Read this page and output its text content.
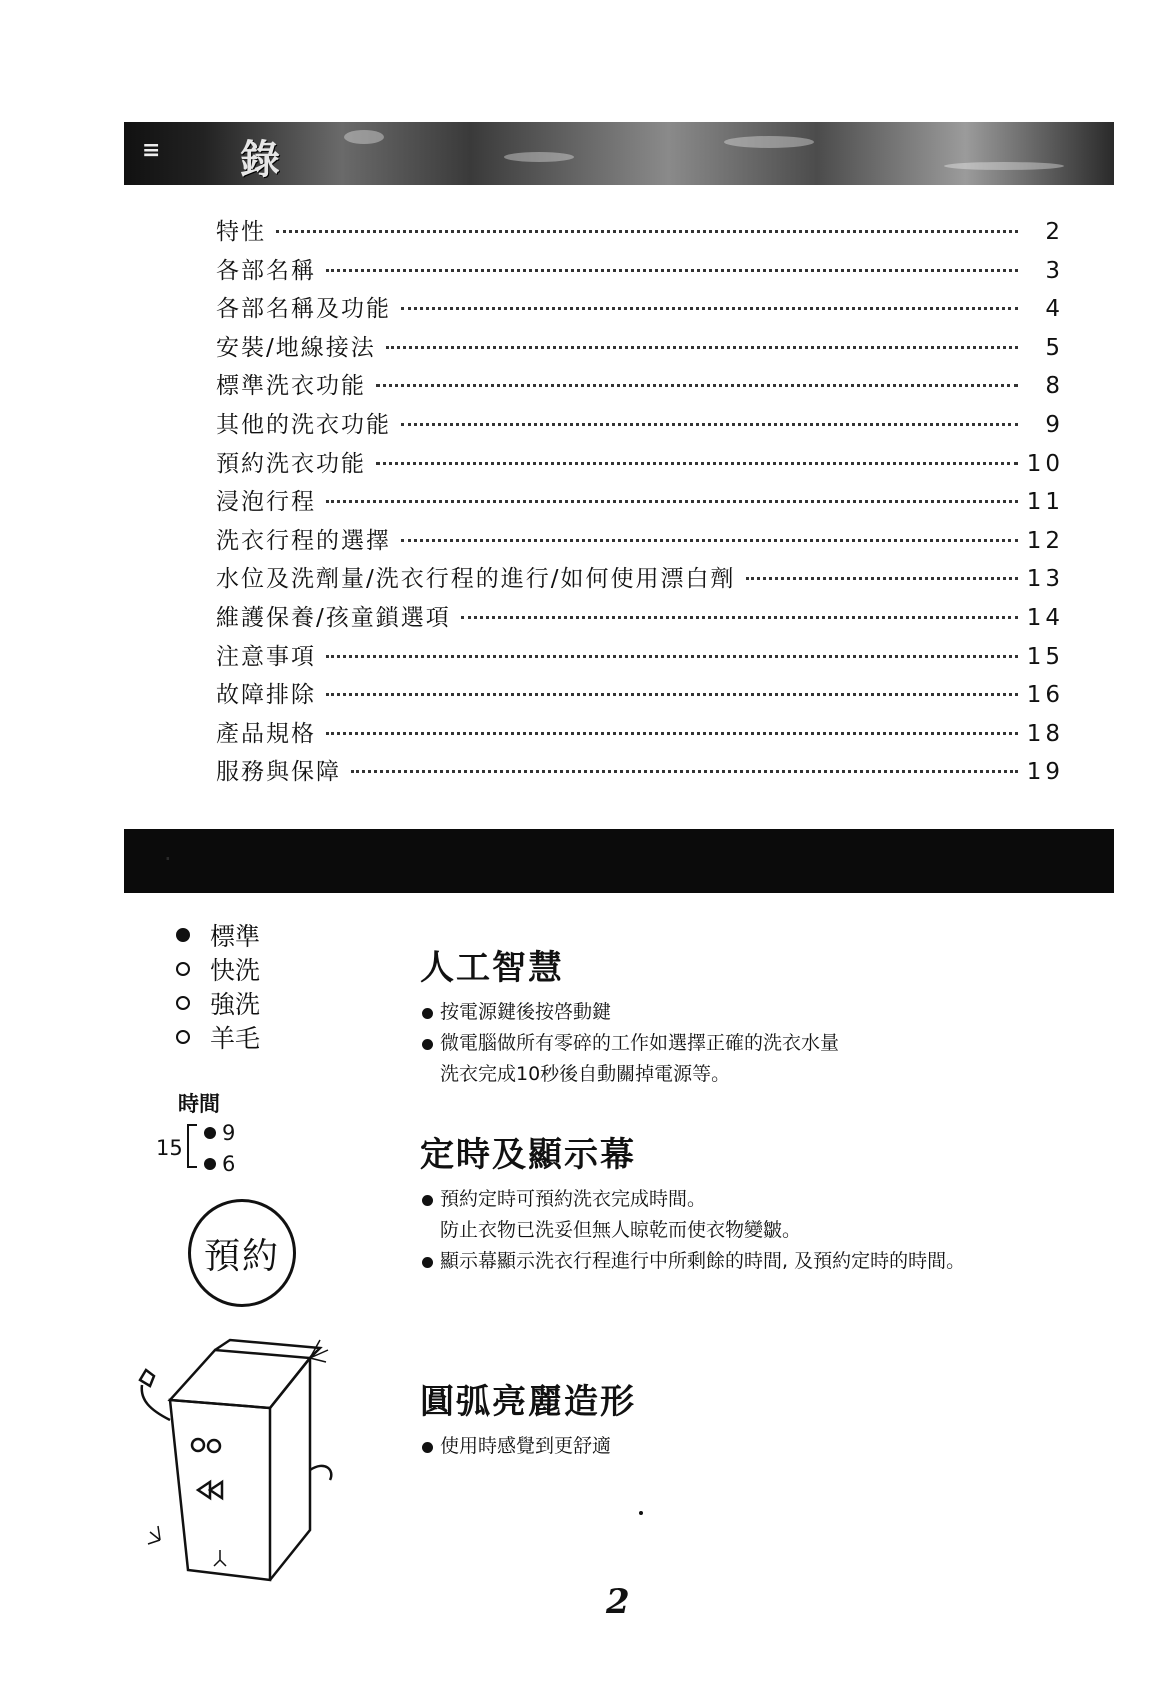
≡ 錄
特性	2
各部名稱	3
各部名稱及功能	4
安裝/地線接法	5
標準洗衣功能	8
其他的洗衣功能	9
預約洗衣功能	10
浸泡行程	11
洗衣行程的選擇	12
水位及洗劑量/洗衣行程的進行/如何使用漂白劑	13
維護保養/孩童鎖選項	14
注意事項	15
故障排除	16
產品規格	18
服務與保障	19
·
標準
快洗
強洗
羊毛
時間
15
9
6
預約
人工智慧
按電源鍵後按啓動鍵
微電腦做所有零碎的工作如選擇正確的洗衣水量
洗衣完成10秒後自動關掉電源等。
定時及顯示幕
預約定時可預約洗衣完成時間。
防止衣物已洗妥但無人晾乾而使衣物變皺。
顯示幕顯示洗衣行程進行中所剩餘的時間, 及預約定時的時間。
圓弧亮麗造形
使用時感覺到更舒適
2
